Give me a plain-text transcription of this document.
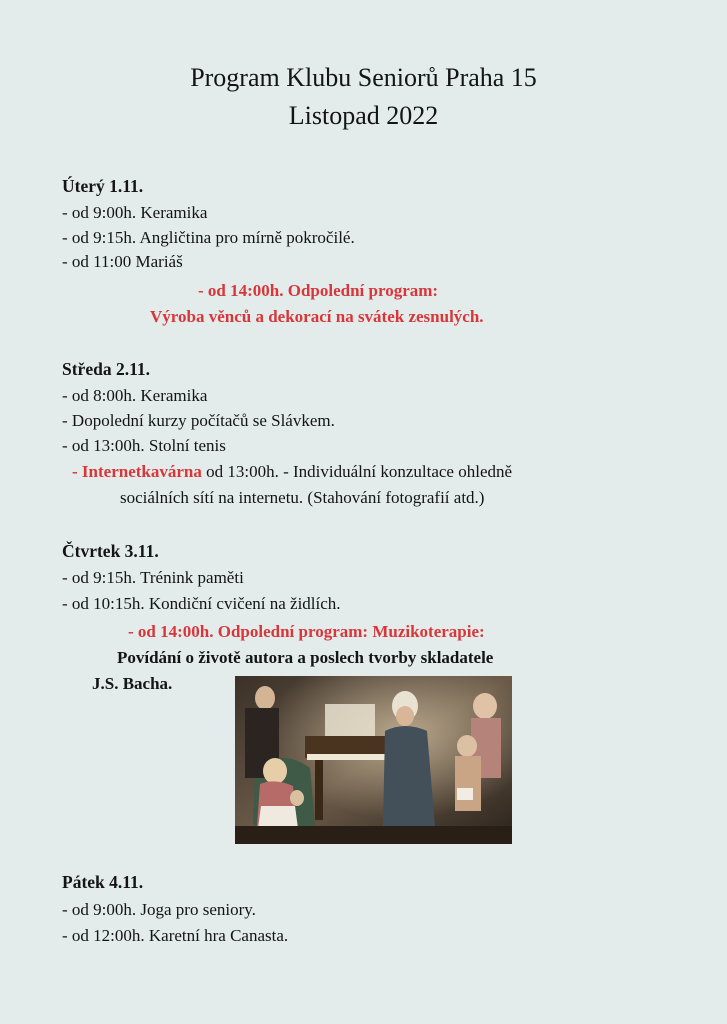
Program Klubu Seniorů Praha 15
Listopad 2022
Úterý 1.11.
- od 9:00h. Keramika
- od 9:15h. Angličtina pro mírně pokročilé.
- od 11:00 Mariáš
- od 14:00h. Odpolední program:
Výroba věnců a dekorací na svátek zesnulých.
Středa 2.11.
- od 8:00h. Keramika
- Dopolední kurzy počítačů se Slávkem.
- od 13:00h. Stolní tenis
- Internetkavárna od 13:00h. - Individuální konzultace ohledně
sociálních sítí na internetu. (Stahování fotografií atd.)
Čtvrtek 3.11.
- od 9:15h. Trénink paměti
- od 10:15h. Kondiční cvičení na židlích.
- od 14:00h. Odpolední program: Muzikoterapie:
Povídání o životě autora a poslech tvorby skladatele
J.S. Bacha.
Pátek 4.11.
- od 9:00h. Joga pro seniory.
- od 12:00h. Karetní hra Canasta.
